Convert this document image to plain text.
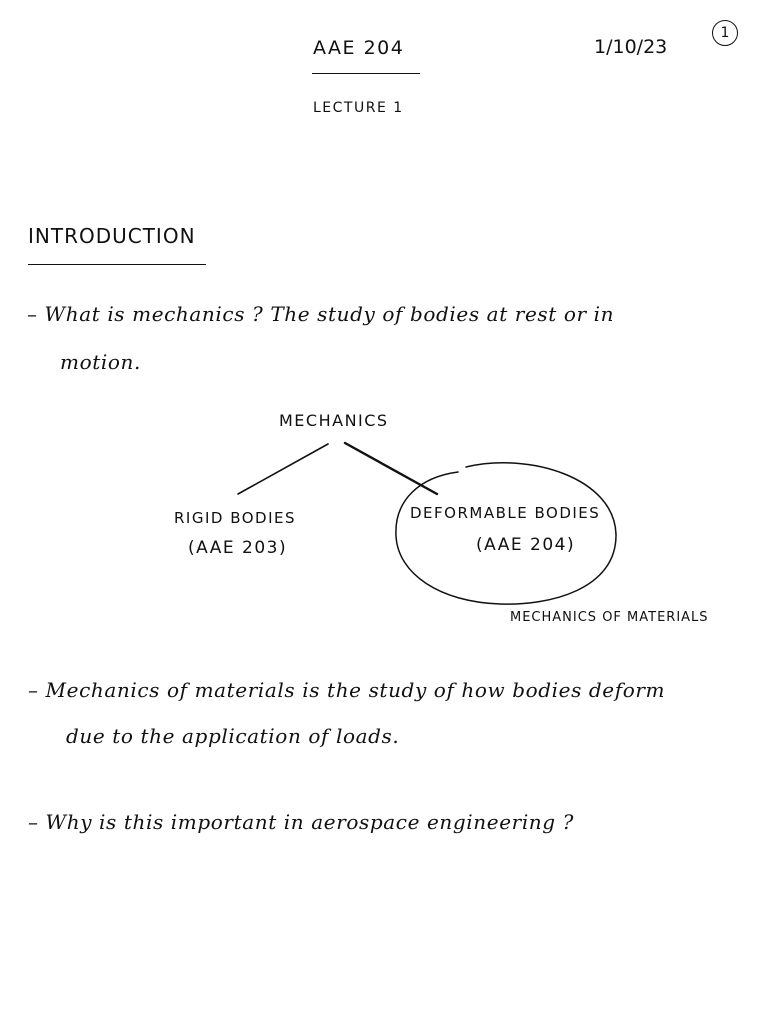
AAE 204	1/10/23
1
LECTURE 1
INTRODUCTION
– What is mechanics ? The study of bodies at rest or in
motion.
MECHANICS
RIGID BODIES
(AAE 203)
DEFORMABLE BODIES
(AAE 204)
MECHANICS OF MATERIALS
– Mechanics of materials is the study of how bodies deform
due to the application of loads.
– Why is this important in aerospace engineering ?
